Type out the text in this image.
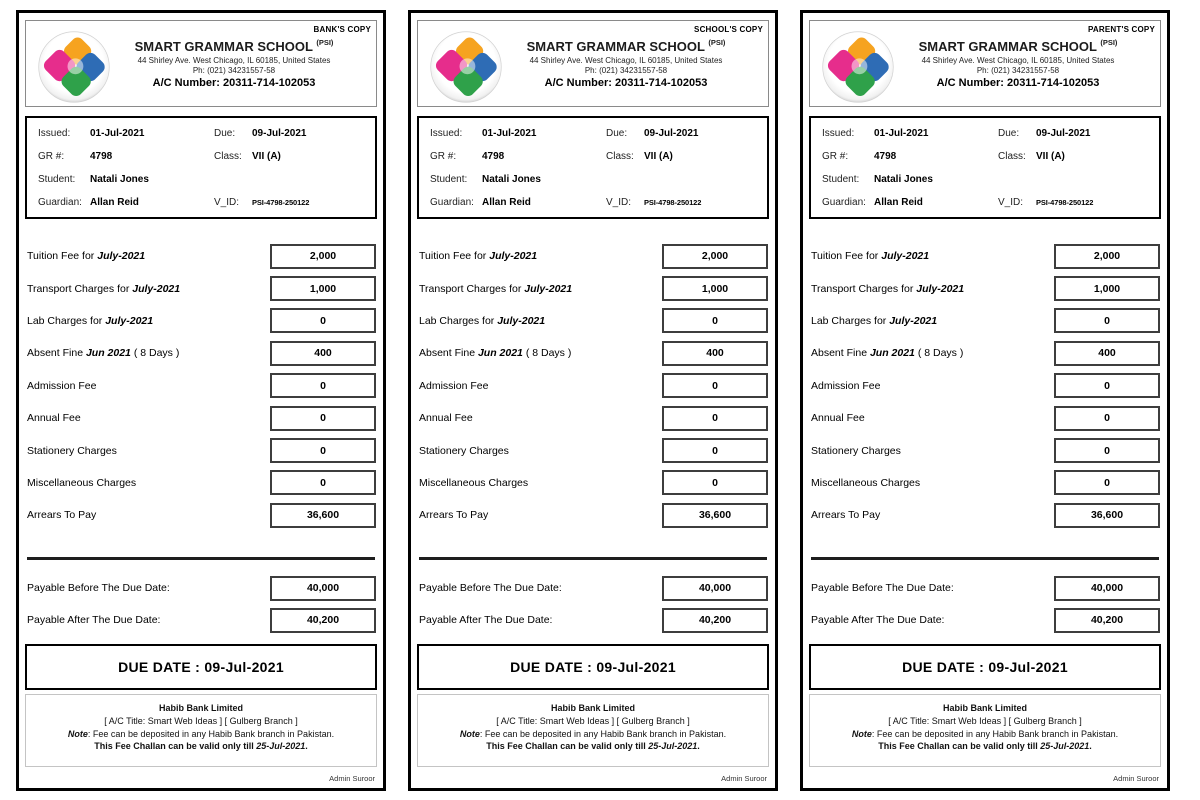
BANK'S COPY
SMART GRAMMAR SCHOOL $^{(PSI)}$
44 Shirley Ave. West Chicago, IL 60185, United States
Ph: (021) 34231557-58
A/C Number: 20311-714-102053
Issued:	01-Jul-2021	Due:	09-Jul-2021
GR #:	4798	Class:	VII (A)
Student:	Natali Jones
Guardian: Allan Reid	V_ID:	PSI-4798-250122
Tuition Fee for July-2021	2,000
Transport Charges for July-2021	1,000
Lab Charges for July-2021	0
Absent Fine Jun 2021 ( 8 Days )	400
Admission Fee	0
Annual Fee	0
Stationery Charges	0
Miscellaneous Charges	0
Arrears To Pay	36,600
Payable Before The Due Date:	40,000
Payable After The Due Date:	40,200
DUE DATE : 09-Jul-2021
Habib Bank Limited
[ A/C Title: Smart Web Ideas ] [ Gulberg Branch ]
Note: Fee can be deposited in any Habib Bank branch in Pakistan.
This Fee Challan can be valid only till 25-Jul-2021.
Admin Suroor
SCHOOL'S COPY
SMART GRAMMAR SCHOOL $^{(PSI)}$
44 Shirley Ave. West Chicago, IL 60185, United States
Ph: (021) 34231557-58
A/C Number: 20311-714-102053
Issued:	01-Jul-2021	Due:	09-Jul-2021
GR #:	4798	Class:	VII (A)
Student:	Natali Jones
Guardian: Allan Reid	V_ID:	PSI-4798-250122
Tuition Fee for July-2021	2,000
Transport Charges for July-2021	1,000
Lab Charges for July-2021	0
Absent Fine Jun 2021 ( 8 Days )	400
Admission Fee	0
Annual Fee	0
Stationery Charges	0
Miscellaneous Charges	0
Arrears To Pay	36,600
Payable Before The Due Date:	40,000
Payable After The Due Date:	40,200
DUE DATE : 09-Jul-2021
Habib Bank Limited
[ A/C Title: Smart Web Ideas ] [ Gulberg Branch ]
Note: Fee can be deposited in any Habib Bank branch in Pakistan.
This Fee Challan can be valid only till 25-Jul-2021.
Admin Suroor
PARENT'S COPY
SMART GRAMMAR SCHOOL $^{(PSI)}$
44 Shirley Ave. West Chicago, IL 60185, United States
Ph: (021) 34231557-58
A/C Number: 20311-714-102053
Issued:	01-Jul-2021	Due:	09-Jul-2021
GR #:	4798	Class:	VII (A)
Student:	Natali Jones
Guardian: Allan Reid	V_ID:	PSI-4798-250122
Tuition Fee for July-2021	2,000
Transport Charges for July-2021	1,000
Lab Charges for July-2021	0
Absent Fine Jun 2021 ( 8 Days )	400
Admission Fee	0
Annual Fee	0
Stationery Charges	0
Miscellaneous Charges	0
Arrears To Pay	36,600
Payable Before The Due Date:	40,000
Payable After The Due Date:	40,200
DUE DATE : 09-Jul-2021
Habib Bank Limited
[ A/C Title: Smart Web Ideas ] [ Gulberg Branch ]
Note: Fee can be deposited in any Habib Bank branch in Pakistan.
This Fee Challan can be valid only till 25-Jul-2021.
Admin Suroor
